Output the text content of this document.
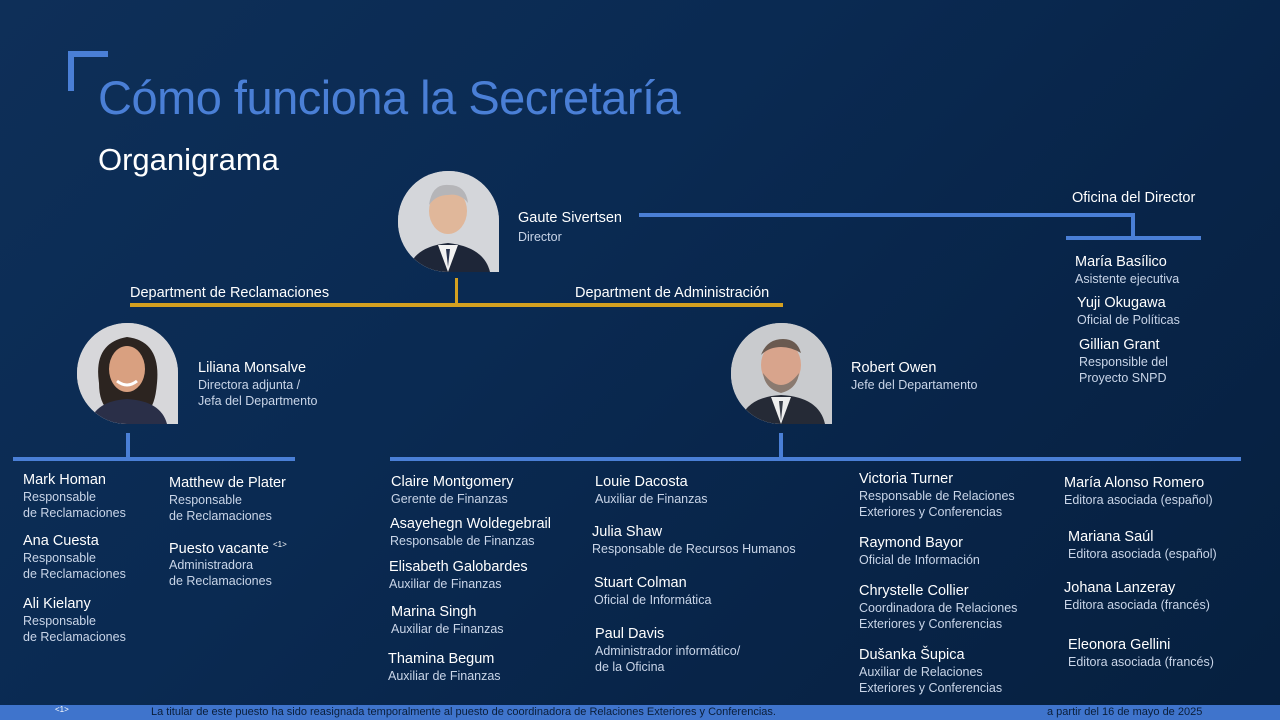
Cómo funciona la Secretaría
Organigrama
Gaute Sivertsen
Director
Oficina del Director
María Basílico
Asistente ejecutiva
Yuji Okugawa
Oficial de Políticas
Gillian Grant
Responsible del
Proyecto SNPD
Department de Reclamaciones	Department de Administración
Liliana Monsalve
Directora adjunta /
Jefa del Departmento
Robert Owen
Jefe del Departamento
Mark Homan
Responsable
de Reclamaciones
Ana Cuesta
Responsable
de Reclamaciones
Ali Kielany
Responsable
de Reclamaciones
Matthew de Plater
Responsable
de Reclamaciones
Puesto vacante $^{<1>}$
Administradora
de Reclamaciones
Claire Montgomery
Gerente de Finanzas
Asayehegn Woldegebrail
Responsable de Finanzas
Elisabeth Galobardes
Auxiliar de Finanzas
Marina Singh
Auxiliar de Finanzas
Thamina Begum
Auxiliar de Finanzas
Louie Dacosta
Auxiliar de Finanzas
Julia Shaw
Responsable de Recursos Humanos
Stuart Colman
Oficial de Informática
Paul Davis
Administrador informático/
de la Oficina
Victoria Turner
Responsable de Relaciones
Exteriores y Conferencias
Raymond Bayor
Oficial de Información
Chrystelle Collier
Coordinadora de Relaciones
Exteriores y Conferencias
Dušanka Šupica
Auxiliar de Relaciones
Exteriores y Conferencias
María Alonso Romero
Editora asociada (español)
Mariana Saúl
Editora asociada (español)
Johana Lanzeray
Editora asociada (francés)
Eleonora Gellini
Editora asociada (francés)
<1>	La titular de este puesto ha sido reasignada temporalmente al puesto de coordinadora de Relaciones Exteriores y Conferencias.	a partir del 16 de mayo de 2025
